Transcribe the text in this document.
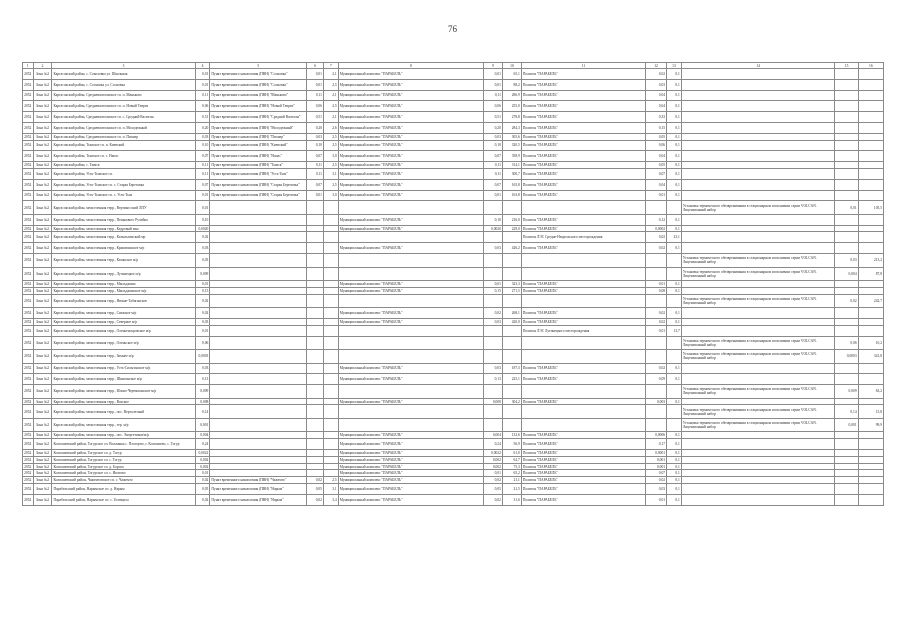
76
1	2	3	4	5	6	7	8	9	10	11	12	13	14	15	16
2052	Зона №2	Каргасокский район, с. Соколовка ул. Школьная	0,01	Пункт временного накопления (ПВН) "Сосновка"	0,01	2,1	Муниципальный комплекс "ПАРАБЕЛЬ"	0,01	65,1	Полигон "ПАРАБЕЛЬ"	0,02	0,1			
2052	Зона №2	Каргасокский район, с. Сосновка ул. Сосновка	0,01	Пункт временного накопления (ПВН) "Сосновка"	0,01	2,5	Муниципальный комплекс "ПАРАБЕЛЬ"	0,01	88,2	Полигон "ПАРАБЕЛЬ"	0,03	0,1			
2052	Зона №2	Каргасокский район, Средневасюганское сп. п. Маньково	0,11	Пункт временного накопления (ПВН) "Маньково"	0,11	2,1	Муниципальный комплекс "ПАРАБЕЛЬ"	0,11	286,9	Полигон "ПАРАБЕЛЬ"	0,04	0,1			
2052	Зона №2	Каргасокский район, Средневасюганское сп. п. Новый Тевриз	0,06	Пункт временного накопления (ПВН) "Новый Тевриз"	0,06	2,5	Муниципальный комплекс "ПАРАБЕЛЬ"	0,06	255,0	Полигон "ПАРАБЕЛЬ"	0,04	0,1			
2052	Зона №2	Каргасокский район, Средневасюганское сп. с. Средний Васюган	0,51	Пункт временного накопления (ПВН) "Средний Васюган"	0,51	2,1	Муниципальный комплекс "ПАРАБЕЛЬ"	0,51	278,8	Полигон "ПАРАБЕЛЬ"	0,33	0,1			
2052	Зона №2	Каргасокский район, Средневасюганское сп. п. Молодежный	0,20	Пункт временного накопления (ПВН) "Молодежный"	0,20	2,6	Муниципальный комплекс "ПАРАБЕЛЬ"	0,20	284,3	Полигон "ПАРАБЕЛЬ"	0,15	0,1			
2052	Зона №2	Каргасокский район, Средневасюганское сп. п. Пионер	0,03	Пункт временного накопления (ПВН) "Пионер"	0,03	2,5	Муниципальный комплекс "ПАРАБЕЛЬ"	0,03	305,6	Полигон "ПАРАБЕЛЬ"	0,05	0,1			
2052	Зона №2	Каргасокский район, Тымское сп. п. Киевский	0,10	Пункт временного накопления (ПВН) "Киевский"	0,10	2,5	Муниципальный комплекс "ПАРАБЕЛЬ"	0,10	320,5	Полигон "ПАРАБЕЛЬ"	0,06	0,1			
2052	Зона №2	Каргасокский район, Тымское сп. с. Напас	0,07	Пункт временного накопления (ПВН) "Напас"	0,07	3,0	Муниципальный комплекс "ПАРАБЕЛЬ"	0,07	358,9	Полигон "ПАРАБЕЛЬ"	0,04	0,1			
2052	Зона №2	Каргасокский район, с. Тымск	0,11	Пункт временного накопления (ПВН) "Тымск"	0,11	2,5	Муниципальный комплекс "ПАРАБЕЛЬ"	0,11	314,1	Полигон "ПАРАБЕЛЬ"	0,05	0,1			
2052	Зона №2	Каргасокский район, Усть-Тымское сп.	0,11	Пункт временного накопления (ПВН) "Усть-Тым"	0,11	3,1	Муниципальный комплекс "ПАРАБЕЛЬ"	0,11	300,7	Полигон "ПАРАБЕЛЬ"	0,07	0,1			
2052	Зона №2	Каргасокский район, Усть-Тымское сп. с. Старая Березовка	0,07	Пункт временного накопления (ПВН) "Старая Березовка"	0,07	2,5	Муниципальный комплекс "ПАРАБЕЛЬ"	0,07	165,8	Полигон "ПАРАБЕЛЬ"	0,04	0,1			
2052	Зона №2	Каргасокский район, Усть-Тымское сп. с. Усть-Тым	0,01	Пункт временного накопления (ПВН) "Старая Березовка"	0,01	3,0	Муниципальный комплекс "ПАРАБЕЛЬ"	0,01	163,8	Полигон "ПАРАБЕЛЬ"	0,01	0,1			
2052	Зона №2	Каргасокский район, межселенная терр., Вертикосский ЛПУ	0,01										Установка термического обезвреживания в стационарном исполнении серии VOLCAN. Лицензионный набор	0,01	105,5
2052	Зона №2	Каргасокский район, межселенная терр., Пенькового Ручейка	0,10				Муниципальный комплекс "ПАРАБЕЛЬ"	0,10	216,0	Полигон "ПАРАБЕЛЬ"	0,12	0,1			
2052	Зона №2	Каргасокский район, межселенная терр., Кедровый мыс	0,0020				Муниципальный комплекс "ПАРАБЕЛЬ"	0,0020	229,0	Полигон "ПАРАБЕЛЬ"	0,0002	0,1			
2052	Зона №2	Каргасокский район, межселенная терр., Катыльгинский мр	0,02							Полигон ЛЭС Средне-Нюрольского месторождения	0,02	23,1			
2052	Зона №2	Каргасокский район, межселенная терр., Крапивинское м/р	0,03				Муниципальный комплекс "ПАРАБЕЛЬ"	0,03	426,2	Полигон "ПАРАБЕЛЬ"	0,02	0,1			
2052	Зона №2	Каргасокский район, межселенная терр., Казанское м/р	0,03										Установка термического обезвреживания в стационарном исполнении серии VOLCAN. Лицензионный набор	0,03	213,2
2052	Зона №2	Каргасокский район, межселенная терр., Лугинецкое м/р	0,009										Установка термического обезвреживания в стационарном исполнении серии VOLCAN. Лицензионный набор	0,004	87,8
2052	Зона №2	Каргасокский район, межселенная терр., Мыльджино	0,01				Муниципальный комплекс "ПАРАБЕЛЬ"	0,01	323,3	Полигон "ПАРАБЕЛЬ"	0,01	0,1			
2052	Зона №2	Каргасокский район, межселенная терр., Мыльджинское м/р	0,15				Муниципальный комплекс "ПАРАБЕЛЬ"	0,15	271,5	Полигон "ПАРАБЕЛЬ"	0,08	0,1			
2052	Зона №2	Каргасокский район, межселенная терр., Нижне-Табаганское	0,02										Установка термического обезвреживания в стационарном исполнении серии VOLCAN. Лицензионный набор	0,02	242,7
2052	Зона №2	Каргасокский район, межселенная терр., Снежное м/р	0,02				Муниципальный комплекс "ПАРАБЕЛЬ"	0,02	268,1	Полигон "ПАРАБЕЛЬ"	0,02	0,1			
2052	Зона №2	Каргасокский район, межселенная терр., Северное м/р	0,03				Муниципальный комплекс "ПАРАБЕЛЬ"	0,03	420,0	Полигон "ПАРАБЕЛЬ"	0,02	0,1			
2052	Зона №2	Каргасокский район, межселенная терр., Оленьеискровское м/р	0,01							Полигон ЛЭС Лугинецкого месторождения	0,01	13,7			
2052	Зона №2	Каргасокский район, межселенная терр., Оленьское м/р	0,06										Установка термического обезвреживания в стационарном исполнении серии VOLCAN. Лицензионный набор	0,06	10,2
2052	Зона №2	Каргасокский район, межселенная терр., Зимнее м/р	0,0003										Установка термического обезвреживания в стационарном исполнении серии VOLCAN. Лицензионный набор	0,0003	341,8
2052	Зона №2	Каргасокский район, межселенная терр., Усть-Сильгинское м/р	0,03				Муниципальный комплекс "ПАРАБЕЛЬ"	0,03	187,3	Полигон "ПАРАБЕЛЬ"	0,02	0,1			
2052	Зона №2	Каргасокский район, межселенная терр., Шингинское м/р	0,13				Муниципальный комплекс "ПАРАБЕЛЬ"	0,13	225,1	Полигон "ПАРАБЕЛЬ"	0,09	0,1			
2052	Зона №2	Каргасокский район, межселенная терр., Южно-Черемшанское м/р	0,009										Установка термического обезвреживания в стационарном исполнении серии VOLCAN. Лицензионный набор	0,009	63,2
2052	Зона №2	Каргасокский район, межселенная терр., Вахское	0,008				Муниципальный комплекс "ПАРАБЕЛЬ"	0,008	304,2	Полигон "ПАРАБЕЛЬ"	0,003	0,1			
2052	Зона №2	Каргасокский район, межселенная терр., пос. Вертолетный	0,14										Установка термического обезвреживания в стационарном исполнении серии VOLCAN. Лицензионный набор	0,14	15,8
2052	Зона №2	Каргасокский район, межселенная терр., тер. м/р	0,001										Установка термического обезвреживания в стационарном исполнении серии VOLCAN. Лицензионный набор	0,001	99,9
2052	Зона №2	Каргасокский район, межселенная терр., пос. Энергетиков/м/р	0,004				Муниципальный комплекс "ПАРАБЕЛЬ"	0,004	132,6	Полигон "ПАРАБЕЛЬ"	0,0006	0,1			
2052	Зона №2	Колпашевский район, Тогурское сп. Волжанка с. Плотцово, г. Колпашево, с. Тогур	0,24				Муниципальный комплекс "ПАРАБЕЛЬ"	0,24	56,9	Полигон "ПАРАБЕЛЬ"	0,17	0,1			
2052	Зона №2	Колпашевский район, Тогурское сп. д. Тогур	0,0022				Муниципальный комплекс "ПАРАБЕЛЬ"	0,0022	61,0	Полигон "ПАРАБЕЛЬ"	0,0001	0,1			
2052	Зона №2	Колпашевский район, Тогурское сп. с. Тогур	0,002				Муниципальный комплекс "ПАРАБЕЛЬ"	0,002	62,7	Полигон "ПАРАБЕЛЬ"	0,001	0,1			
2052	Зона №2	Колпашевский район, Тогурское сп. д. Бороха	0,002				Муниципальный комплекс "ПАРАБЕЛЬ"	0,002	75,3	Полигон "ПАРАБЕЛЬ"	0,001	0,1			
2052	Зона №2	Колпашевский район, Тогурское сп. с. Ипатово	0,01				Муниципальный комплекс "ПАРАБЕЛЬ"	0,01	65,2	Полигон "ПАРАБЕЛЬ"	0,07	0,1			
2052	Зона №2	Колпашевский район, Чажемтовское сп. с. Чажемто	0,02	Пункт временного накопления (ПВН) "Чажемто"	0,02	2,5	Муниципальный комплекс "ПАРАБЕЛЬ"	0,02	21,1	Полигон "ПАРАБЕЛЬ"	0,02	0,1			
2052	Зона №2	Парабельский район, Нарымское сп. д. Нарым	0,05	Пункт временного накопления (ПВН) "Нарым"	0,05	3,1	Муниципальный комплекс "ПАРАБЕЛЬ"	0,05	21,5	Полигон "ПАРАБЕЛЬ"	0,03	0,1			
2052	Зона №2	Парабельский район, Нарымское сп. с. Голещиха	0,02	Пункт временного накопления (ПВН) "Нарым"	0,02	3,4	Муниципальный комплекс "ПАРАБЕЛЬ"	0,02	31,6	Полигон "ПАРАБЕЛЬ"	0,01	0,1			
